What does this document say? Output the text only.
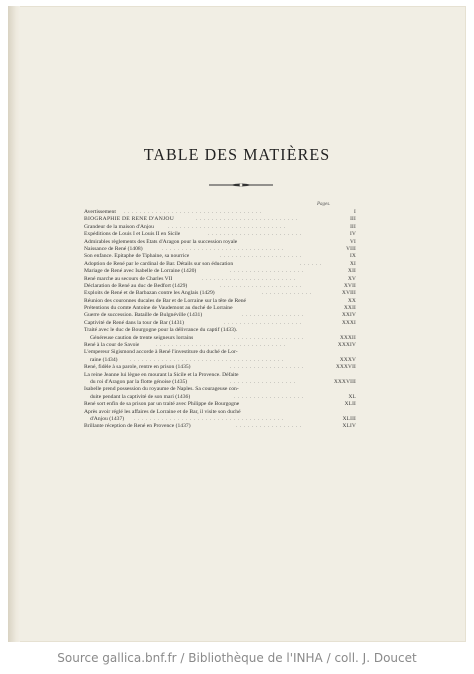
TABLE DES MATIÈRES
Pages.
Avertissement ...................................	I
BIOGRAPHIE DE RENÉ D'ANJOU	..........................	III
Grandeur de la maison d'Anjou	..............................	III
Expéditions de Louis I et Louis II en Sicile	........................	IV
Admirables règlements des États d'Aragon pour la succession royale	VI
Naissance de René (1408)	...............................	VIII
Son enfance. Épitaphe de Tiphaine, sa nourrice	.....................	IX
Adoption de René par le cardinal de Bar. Détails sur son éducation	......	XI
Mariage de René avec Isabelle de Lorraine (1420)	...................	XII
René marche au secours de Charles VII	........................	XV
Déclaration de René au duc de Bedfort (1429)	.....................	XVII
Exploits de René et de Barbazan contre les Anglais (1429)	.............	XVIII
Réunion des couronnes ducales de Bar et de Lorraine sur la tête de René	XX
Prétentions du comte Antoine de Vaudemont au duché de Lorraine	XXII
Guerre de succession. Bataille de Bulgnéville (1431)	................	XXIV
Captivité de René dans la tour de Bar (1431)	....................	XXXI
Traité avec le duc de Bourgogne pour la délivrance du captif (1433).
Généreuse caution de trente seigneurs lorrains	..................	XXXII
René à la cour de Savoie	.................................	XXXIV
L'empereur Sigismond accorde à René l'investiture du duché de Lor-
raine (1434) .......................................	XXXV
René, fidèle à sa parole, rentre en prison (1435)	...................	XXXVII
La reine Jeanne lui lègue en mourant la Sicile et la Provence. Défaite
du roi d'Aragon par la flotte génoise (1435)	.................	XXXVIII
Isabelle prend possession du royaume de Naples. Sa courageuse con-
duite pendant la captivité de son mari (1436)	..................	XL
René sort enfin de sa prison par un traité avec Philippe de Bourgogne	XLII
Après avoir réglé les affaires de Lorraine et de Bar, il visite son duché
d'Anjou (1437) ......................................	XLIII
Brillante réception de René en Provence (1437)	.................	XLIV
Source gallica.bnf.fr / Bibliothèque de l'INHA / coll. J. Doucet
